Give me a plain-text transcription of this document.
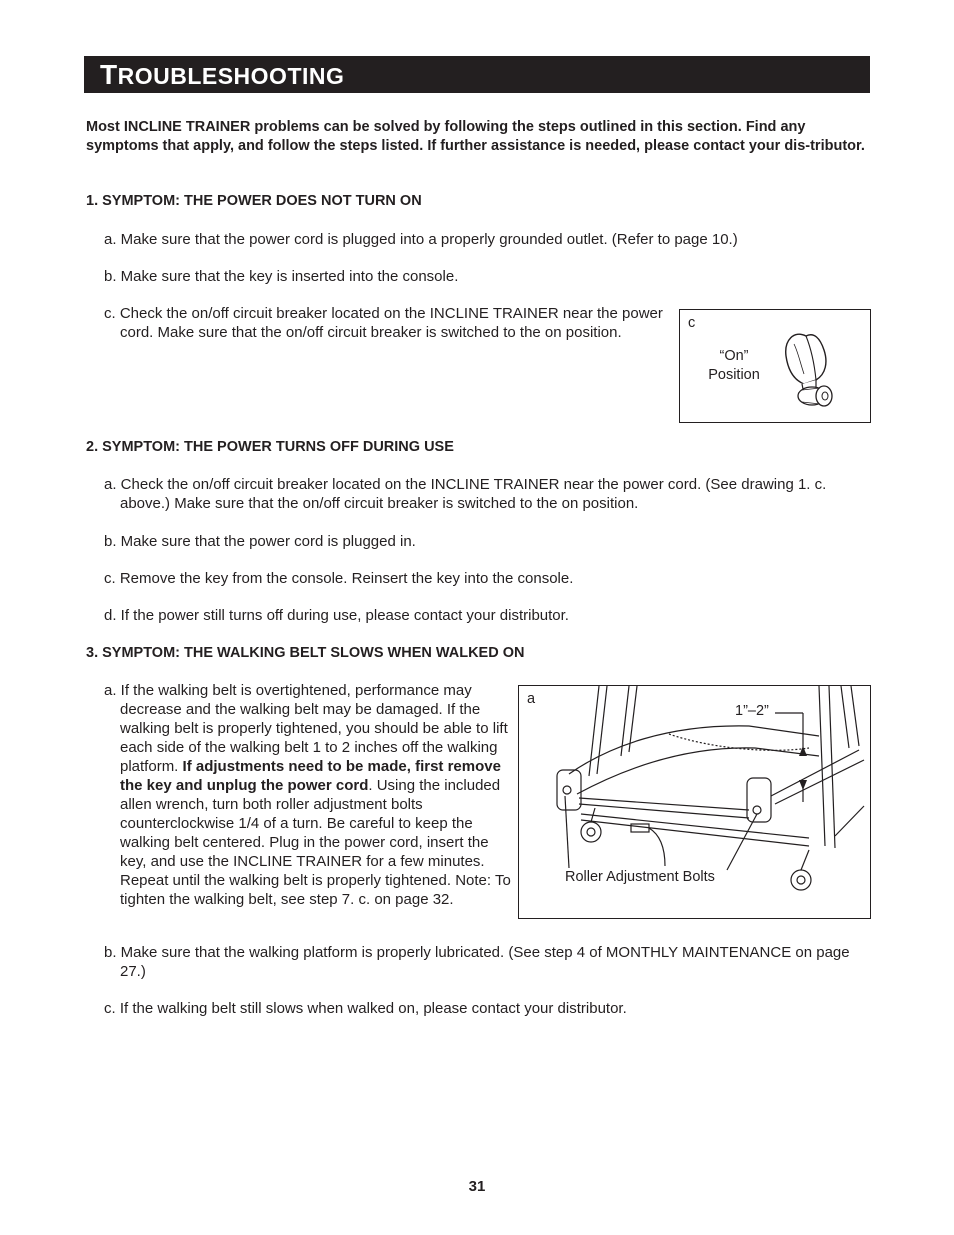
TROUBLESHOOTING
Most INCLINE TRAINER problems can be solved by following the steps outlined in this section. Find any symptoms that apply, and follow the steps listed. If further assistance is needed, please contact your dis-tributor.
1. SYMPTOM: THE POWER DOES NOT TURN ON
a. Make sure that the power cord is plugged into a properly grounded outlet. (Refer to page 10.)
b. Make sure that the key is inserted into the console.
c. Check the on/off circuit breaker located on the INCLINE TRAINER near the power cord. Make sure that the on/off circuit breaker is switched to the on position.
c
“On”
Position
2. SYMPTOM: THE POWER TURNS OFF DURING USE
a. Check the on/off circuit breaker located on the INCLINE TRAINER near the power cord. (See drawing 1. c. above.) Make sure that the on/off circuit breaker is switched to the on position.
b. Make sure that the power cord is plugged in.
c. Remove the key from the console. Reinsert the key into the console.
d. If the power still turns off during use, please contact your distributor.
3. SYMPTOM: THE WALKING BELT SLOWS WHEN WALKED ON
a. If the walking belt is overtightened, performance may decrease and the walking belt may be damaged. If the walking belt is properly tightened, you should be able to lift each side of the walking belt 1 to 2 inches off the walking platform. If adjustments need to be made, first remove the key and unplug the power cord. Using the included allen wrench, turn both roller adjustment bolts counterclockwise 1/4 of a turn. Be careful to keep the walking belt centered. Plug in the power cord, insert the key, and use the INCLINE TRAINER for a few minutes. Repeat until the walking belt is properly tightened. Note: To tighten the walking belt, see step 7. c. on page 32.
a
1”–2”
Roller Adjustment Bolts
b. Make sure that the walking platform is properly lubricated. (See step 4 of MONTHLY MAINTENANCE on page 27.)
c. If the walking belt still slows when walked on, please contact your distributor.
31
